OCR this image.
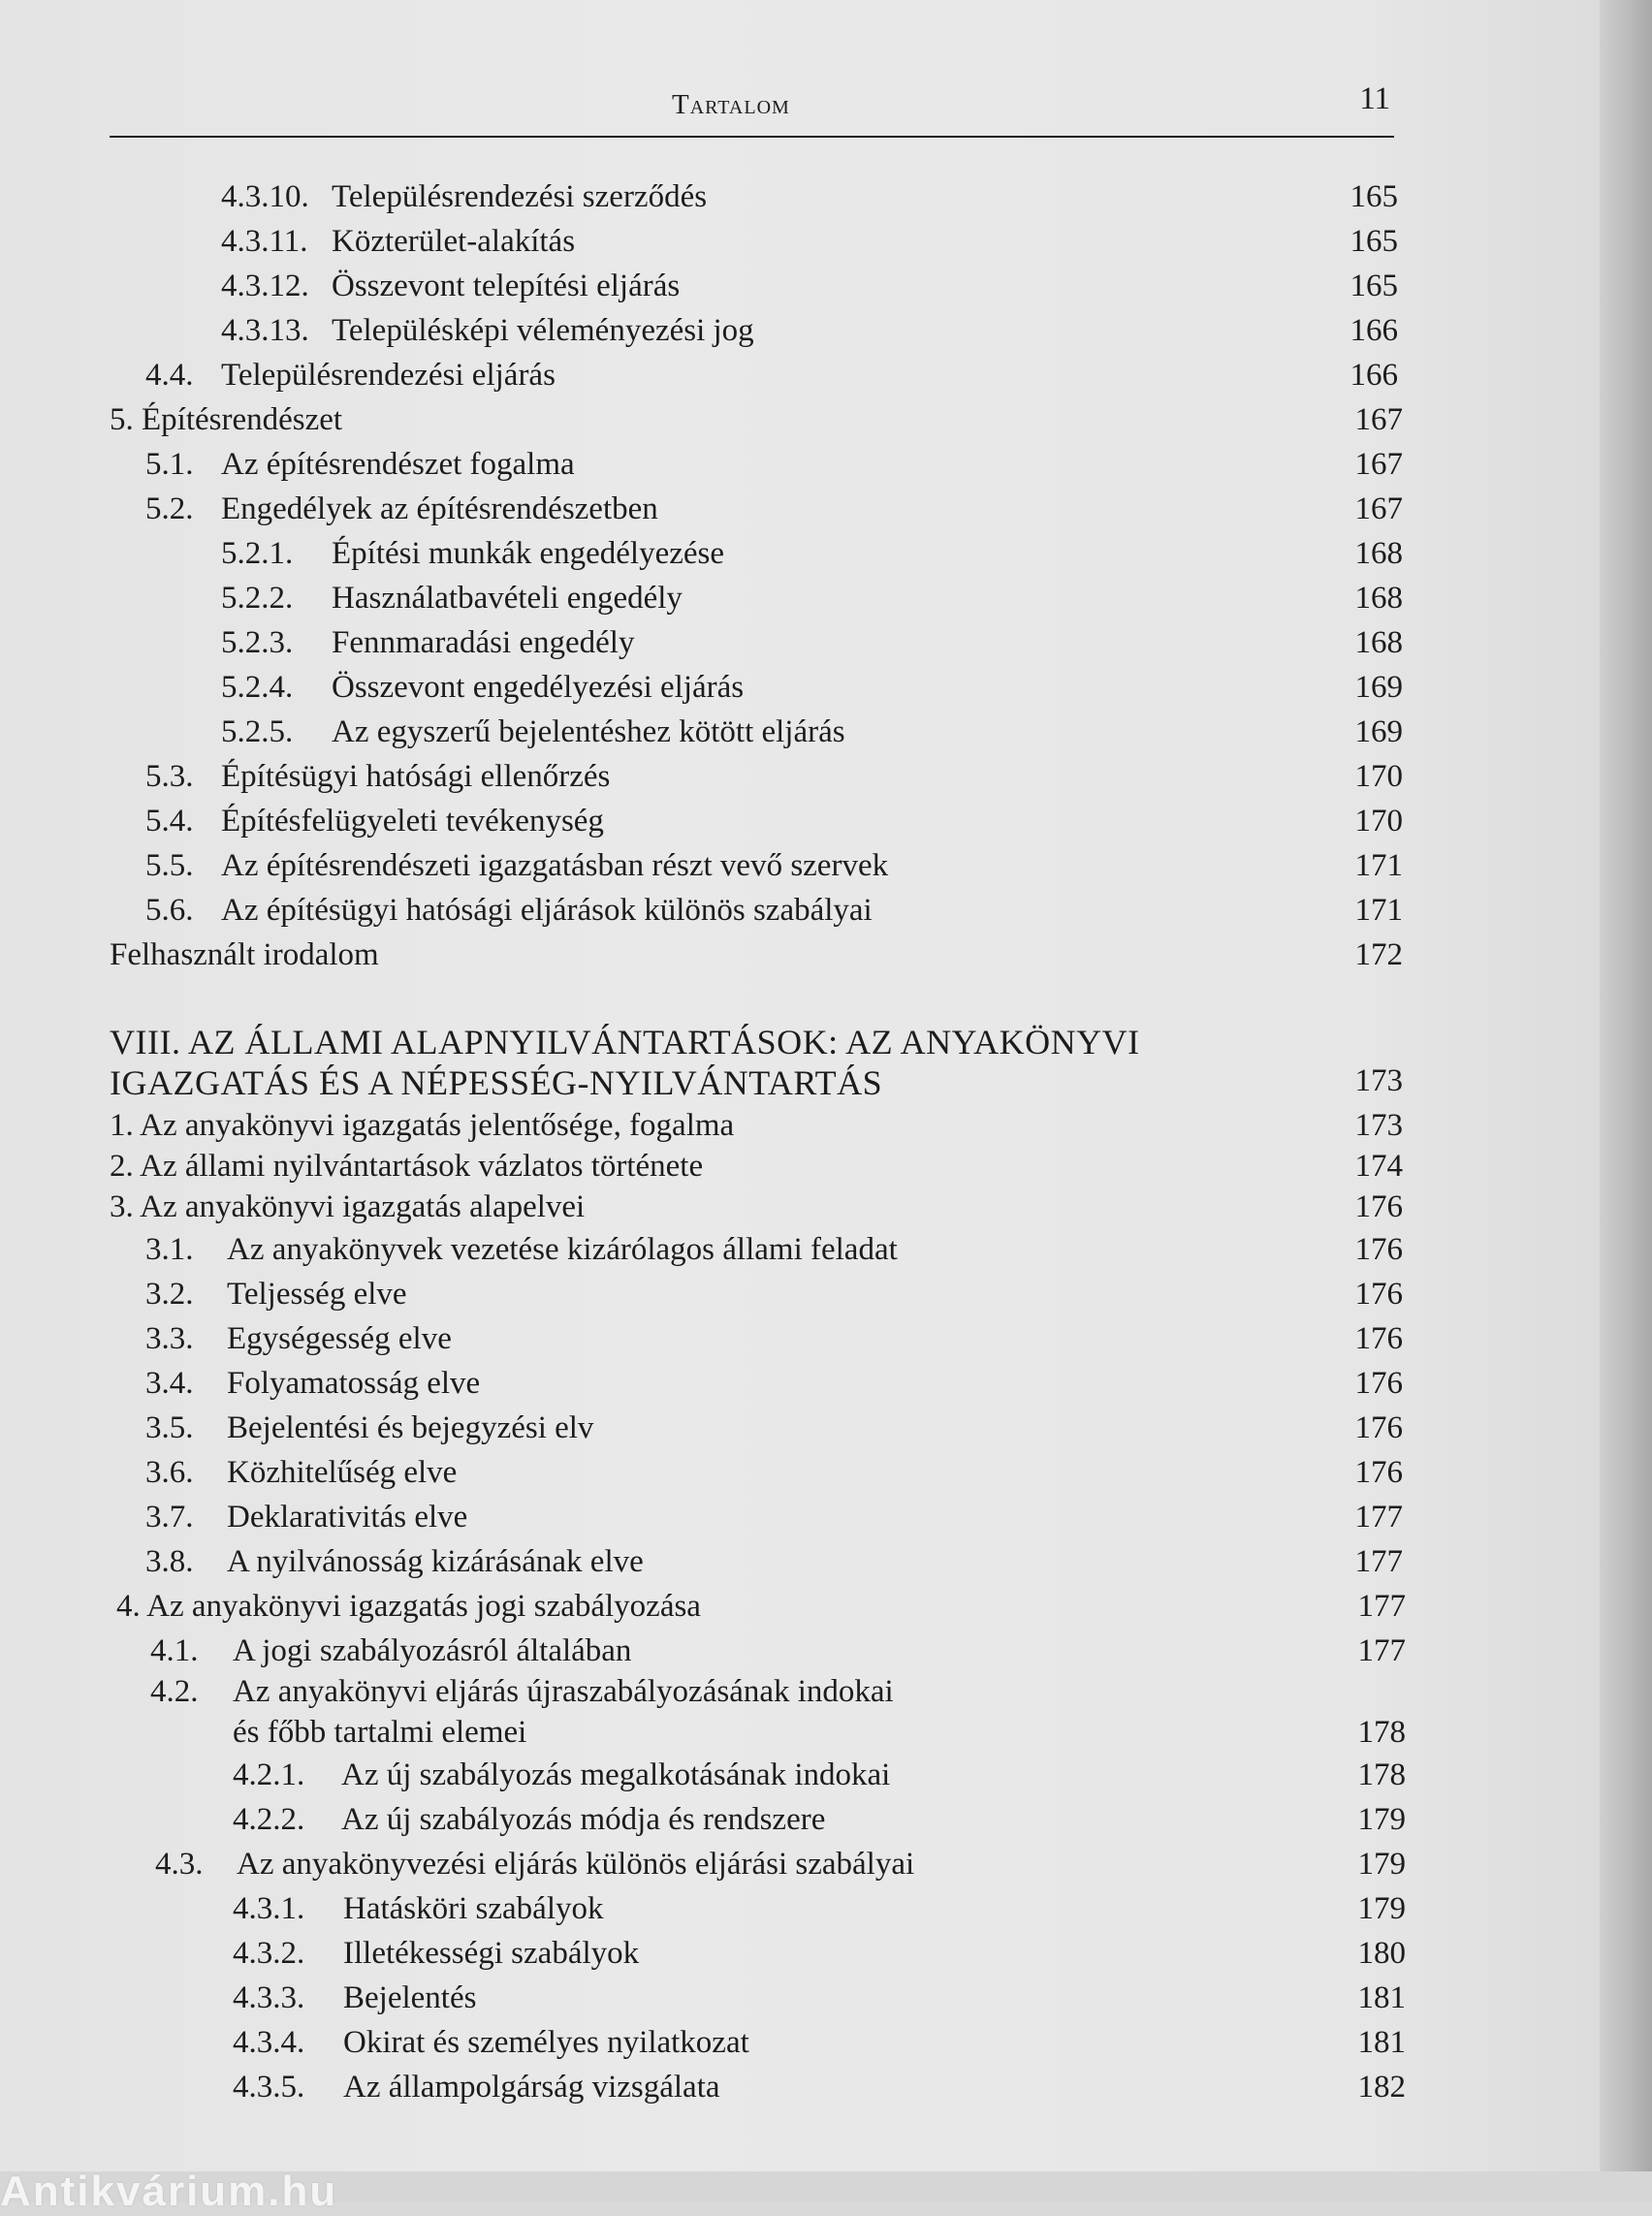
Tartalom	11
4.3.10. Településrendezési szerződés	165
4.3.11. Közterület-alakítás	165
4.3.12. Összevont telepítési eljárás	165
4.3.13. Településképi véleményezési jog	166
4.4. Településrendezési eljárás	166
5. Építésrendészet	167
5.1. Az építésrendészet fogalma	167
5.2. Engedélyek az építésrendészetben	167
5.2.1. Építési munkák engedélyezése	168
5.2.2. Használatbavételi engedély	168
5.2.3. Fennmaradási engedély	168
5.2.4. Összevont engedélyezési eljárás	169
5.2.5. Az egyszerű bejelentéshez kötött eljárás	169
5.3. Építésügyi hatósági ellenőrzés	170
5.4. Építésfelügyeleti tevékenység	170
5.5. Az építésrendészeti igazgatásban részt vevő szervek	171
5.6. Az építésügyi hatósági eljárások különös szabályai	171
Felhasznált irodalom	172
VIII. AZ ÁLLAMI ALAPNYILVÁNTARTÁSOK: AZ ANYAKÖNYVI
IGAZGATÁS ÉS A NÉPESSÉG-NYILVÁNTARTÁS	173
1. Az anyakönyvi igazgatás jelentősége, fogalma	173
2. Az állami nyilvántartások vázlatos története	174
3. Az anyakönyvi igazgatás alapelvei	176
3.1. Az anyakönyvek vezetése kizárólagos állami feladat	176
3.2. Teljesség elve	176
3.3. Egységesség elve	176
3.4. Folyamatosság elve	176
3.5. Bejelentési és bejegyzési elv	176
3.6. Közhitelűség elve	176
3.7. Deklarativitás elve	177
3.8. A nyilvánosság kizárásának elve	177
4. Az anyakönyvi igazgatás jogi szabályozása	177
4.1. A jogi szabályozásról általában	177
4.2. Az anyakönyvi eljárás újraszabályozásának indokai
és főbb tartalmi elemei	178
4.2.1. Az új szabályozás megalkotásának indokai	178
4.2.2. Az új szabályozás módja és rendszere	179
4.3. Az anyakönyvezési eljárás különös eljárási szabályai	179
4.3.1. Hatásköri szabályok	179
4.3.2. Illetékességi szabályok	180
4.3.3. Bejelentés	181
4.3.4. Okirat és személyes nyilatkozat	181
4.3.5. Az állampolgárság vizsgálata	182
Antikvárium.hu
